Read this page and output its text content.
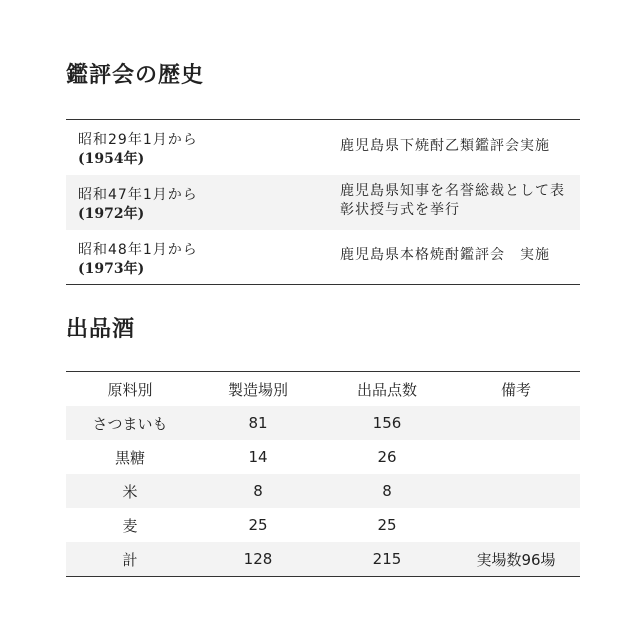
鑑評会の歴史
昭和29年1月から
(1954年)	鹿児島県下焼酎乙類鑑評会実施

昭和47年1月から
(1972年)	鹿児島県知事を名誉総裁として表彰状授与式を挙行

昭和48年1月から
(1973年)	鹿児島県本格焼酎鑑評会　実施
出品酒
原料別	製造場別	出品点数	備考
さつまいも	81	156	
黒糖	14	26	
米	8	8	
麦	25	25	
計	128	215	実場数96場
